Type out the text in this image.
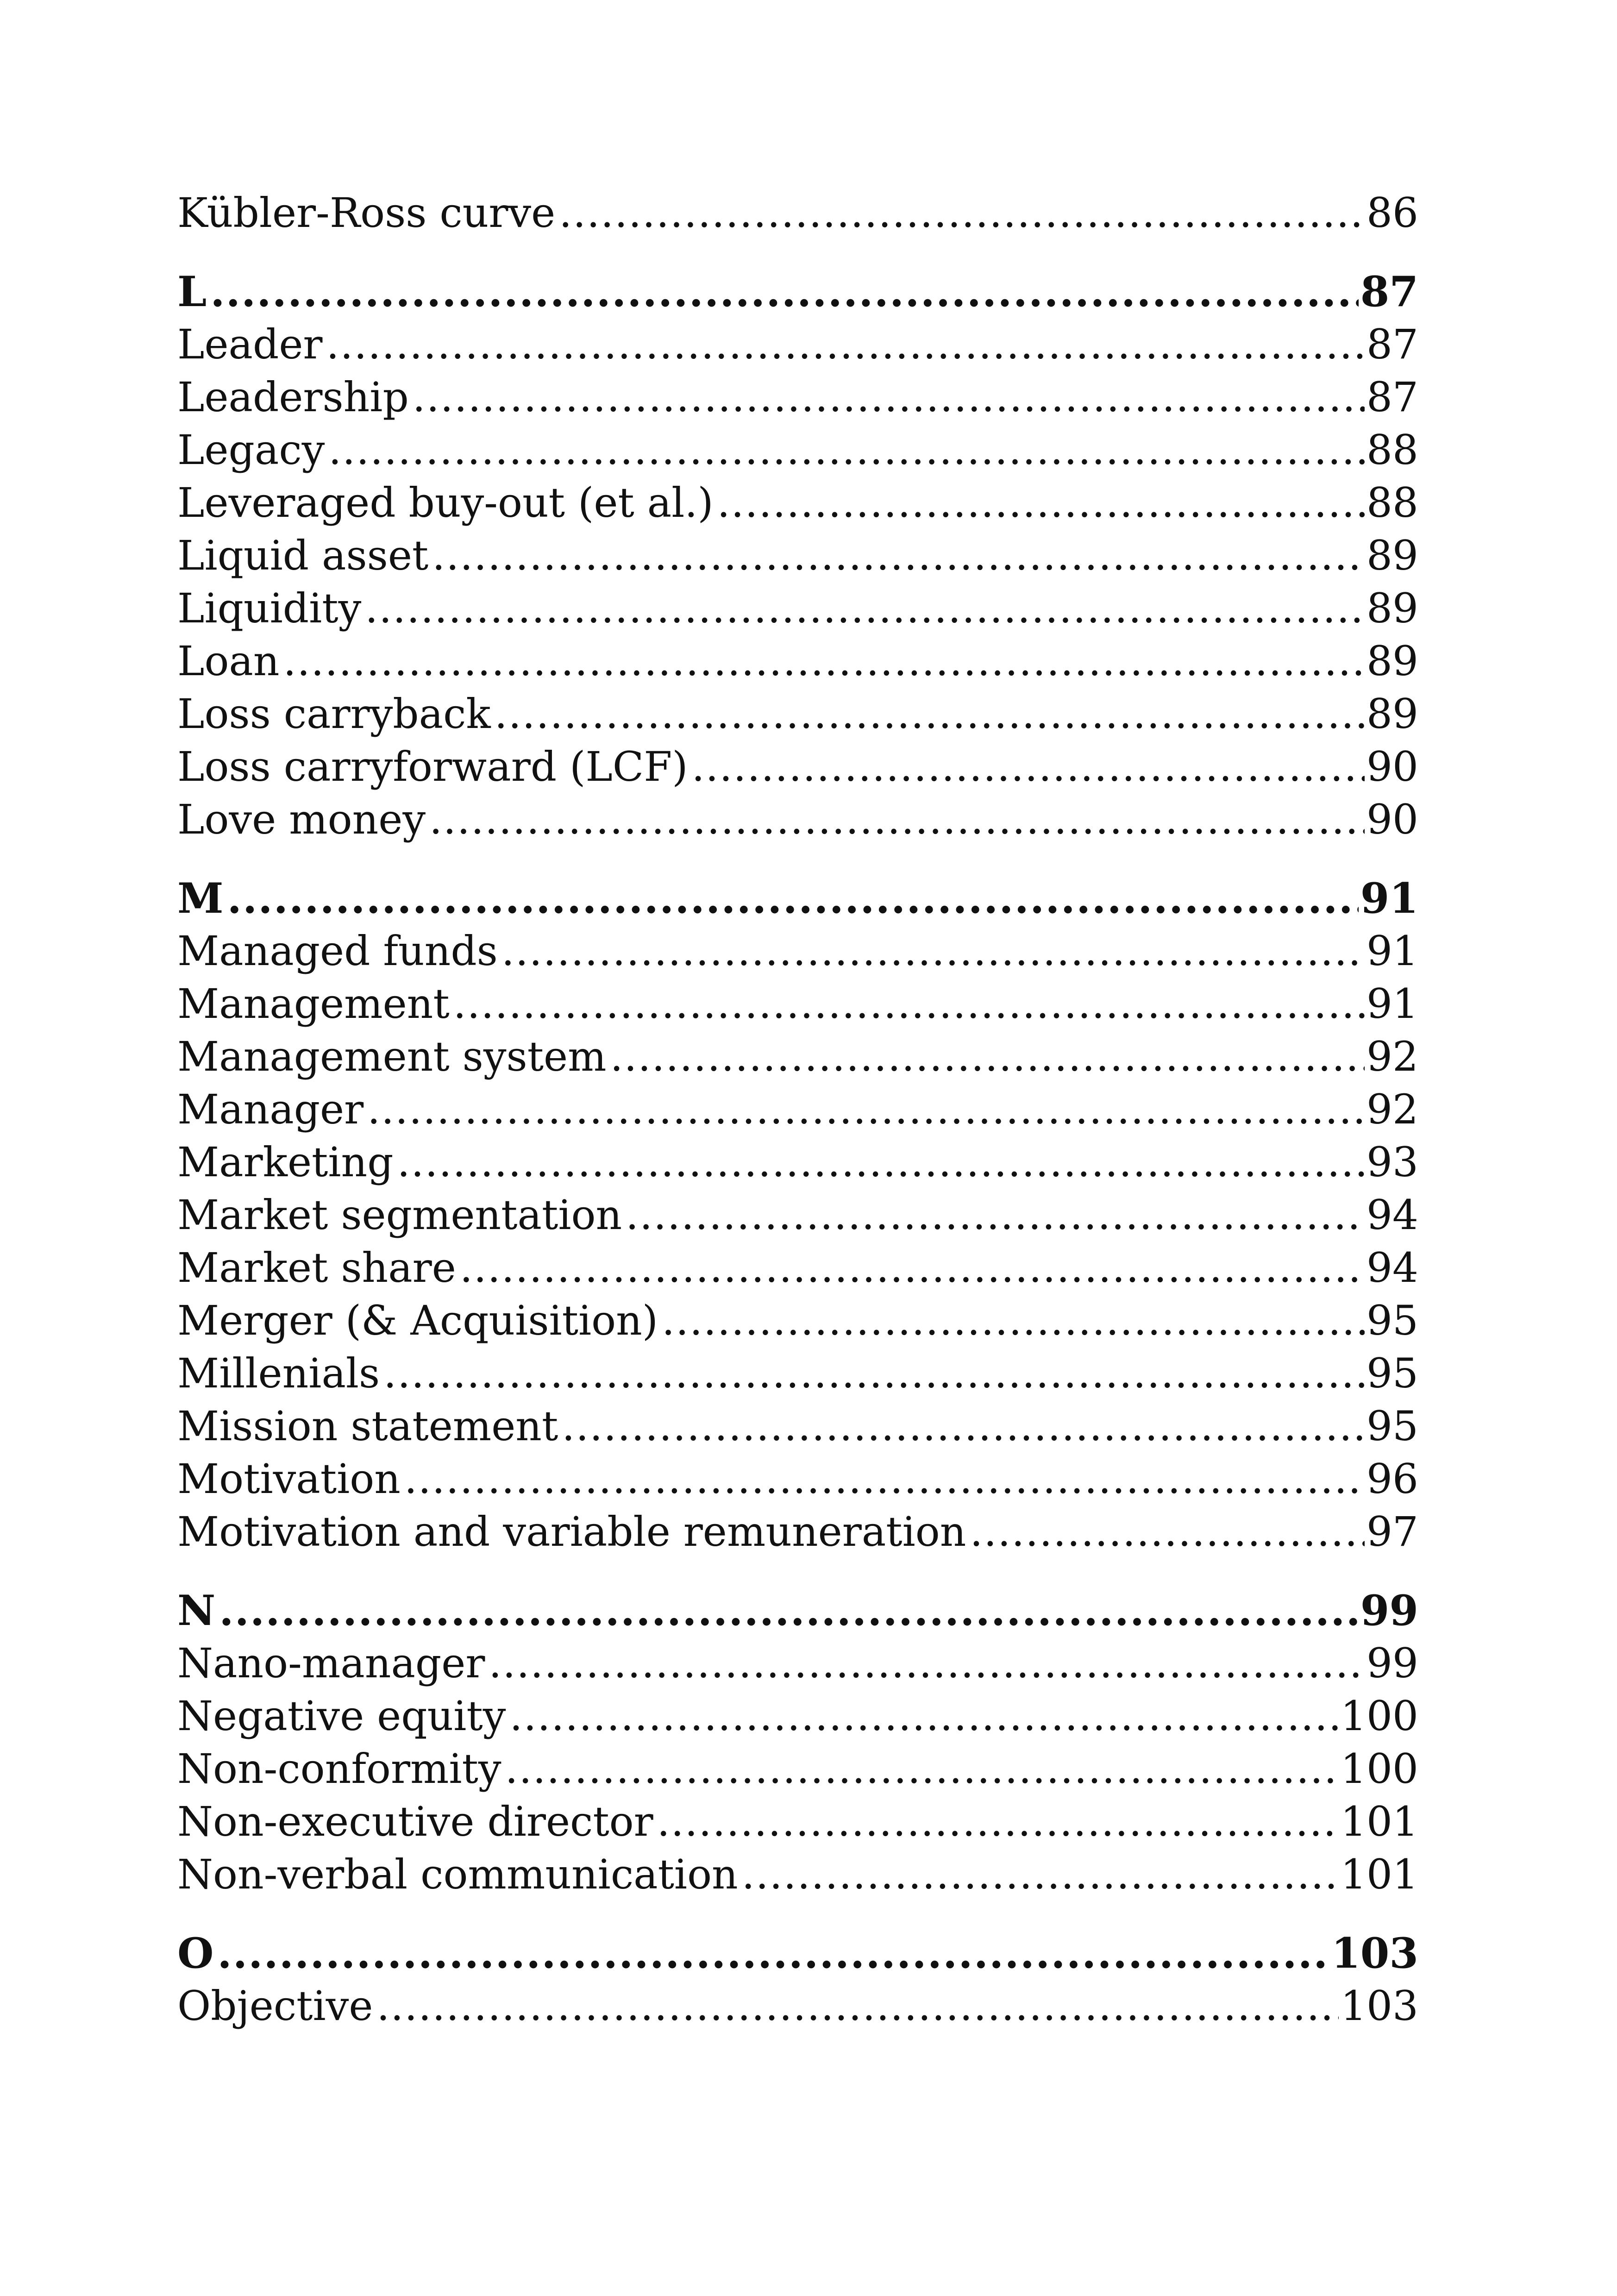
Kübler-Ross curve .....	86
L .....	87
Leader .....	87
Leadership .....	87
Legacy .....	88
Leveraged buy-out (et al.) .....	88
Liquid asset .....	89
Liquidity .....	89
Loan .....	89
Loss carryback .....	89
Loss carryforward (LCF) .....	90
Love money .....	90
M .....	91
Managed funds .....	91
Management .....	91
Management system .....	92
Manager .....	92
Marketing .....	93
Market segmentation .....	94
Market share .....	94
Merger (& Acquisition) .....	95
Millenials .....	95
Mission statement .....	95
Motivation .....	96
Motivation and variable remuneration .....	97
N .....	99
Nano-manager .....	99
Negative equity .....	100
Non-conformity .....	100
Non-executive director .....	101
Non-verbal communication .....	101
O .....	103
Objective .....	103
